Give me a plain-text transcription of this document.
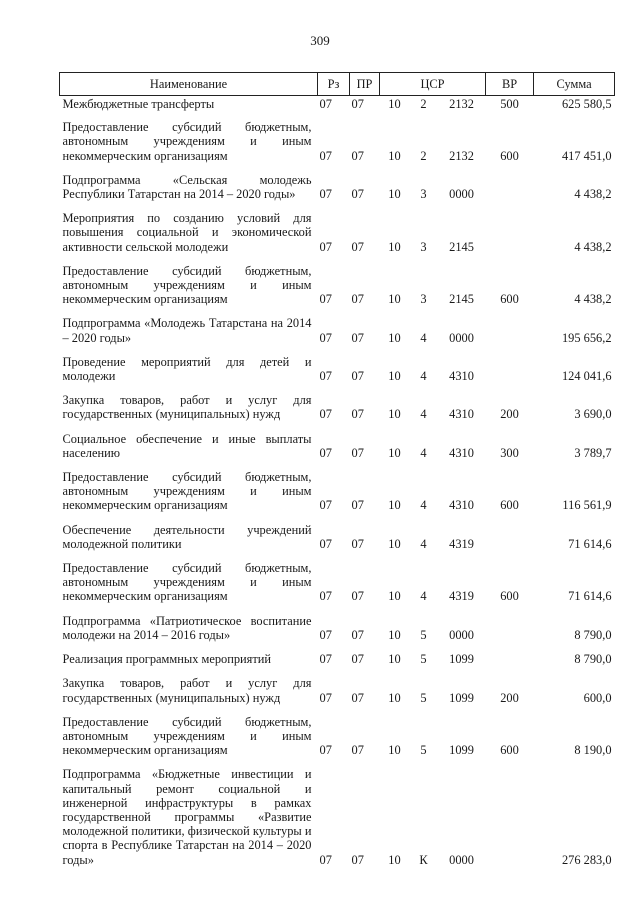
309
Наименование	Рз	ПР	ЦСР			ВР	Сумма
Межбюджетные трансферты	07	07	10	2	2132	500	625 580,5
Предоставление субсидий бюджетным, автономным учреждениям и иным некоммерческим организациям	07	07	10	2	2132	600	417 451,0
Подпрограмма «Сельская молодежь Республики Татарстан на 2014 – 2020 годы»	07	07	10	3	0000		4 438,2
Мероприятия по созданию условий для повышения социальной и экономической активности сельской молодежи	07	07	10	3	2145		4 438,2
Предоставление субсидий бюджетным, автономным учреждениям и иным некоммерческим организациям	07	07	10	3	2145	600	4 438,2
Подпрограмма «Молодежь Татарстана на 2014 – 2020 годы»	07	07	10	4	0000		195 656,2
Проведение мероприятий для детей и молодежи	07	07	10	4	4310		124 041,6
Закупка товаров, работ и услуг для государственных (муниципальных) нужд	07	07	10	4	4310	200	3 690,0
Социальное обеспечение и иные выплаты населению	07	07	10	4	4310	300	3 789,7
Предоставление субсидий бюджетным, автономным учреждениям и иным некоммерческим организациям	07	07	10	4	4310	600	116 561,9
Обеспечение деятельности учреждений молодежной политики	07	07	10	4	4319		71 614,6
Предоставление субсидий бюджетным, автономным учреждениям и иным некоммерческим организациям	07	07	10	4	4319	600	71 614,6
Подпрограмма «Патриотическое воспитание молодежи на 2014 – 2016 годы»	07	07	10	5	0000		8 790,0
Реализация программных мероприятий	07	07	10	5	1099		8 790,0
Закупка товаров, работ и услуг для государственных (муниципальных) нужд	07	07	10	5	1099	200	600,0
Предоставление субсидий бюджетным, автономным учреждениям и иным некоммерческим организациям	07	07	10	5	1099	600	8 190,0
Подпрограмма «Бюджетные инвестиции и капитальный ремонт социальной и инженерной инфраструктуры в рамках государственной программы «Развитие молодежной политики, физической культуры и спорта в Республике Татарстан на 2014 – 2020 годы»	07	07	10	К	0000		276 283,0
